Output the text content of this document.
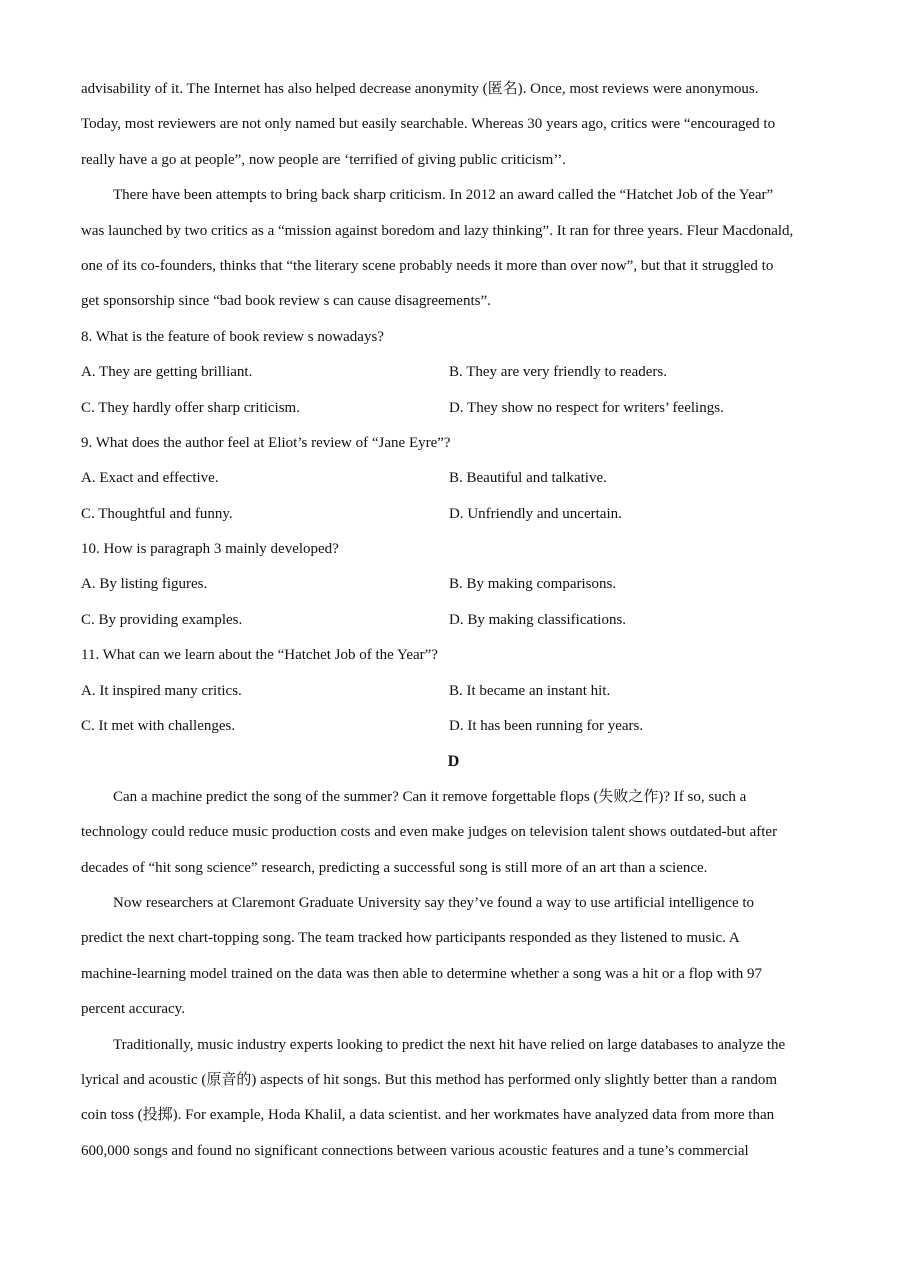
advisability of it. The Internet has also helped decrease anonymity (匿名). Once, most reviews were anonymous.
Today, most reviewers are not only named but easily searchable. Whereas 30 years ago, critics were “encouraged to
really have a go at people”, now people are ‘terrified of giving public criticism’’.
There have been attempts to bring back sharp criticism. In 2012 an award called the “Hatchet Job of the Year”
was launched by two critics as a “mission against boredom and lazy thinking”. It ran for three years. Fleur Macdonald,
one of its co-founders, thinks that “the literary scene probably needs it more than over now”, but that it struggled to
get sponsorship since “bad book review s can cause disagreements”.
8. What is the feature of book review s nowadays?
A. They are getting brilliant.	B. They are very friendly to readers.
C. They hardly offer sharp criticism.	D. They show no respect for writers’ feelings.
9. What does the author feel at Eliot’s review of “Jane Eyre”?
A. Exact and effective.	B. Beautiful and talkative.
C. Thoughtful and funny.	D. Unfriendly and uncertain.
10. How is paragraph 3 mainly developed?
A. By listing figures.	B. By making comparisons.
C. By providing examples.	D. By making classifications.
11. What can we learn about the “Hatchet Job of the Year”?
A. It inspired many critics.	B. It became an instant hit.
C. It met with challenges.	D. It has been running for years.
D
Can a machine predict the song of the summer? Can it remove forgettable flops (失败之作)? If so, such a
technology could reduce music production costs and even make judges on television talent shows outdated-but after
decades of “hit song science” research, predicting a successful song is still more of an art than a science.
Now researchers at Claremont Graduate University say they’ve found a way to use artificial intelligence to
predict the next chart-topping song. The team tracked how participants responded as they listened to music. A
machine-learning model trained on the data was then able to determine whether a song was a hit or a flop with 97
percent accuracy.
Traditionally, music industry experts looking to predict the next hit have relied on large databases to analyze the
lyrical and acoustic (原音的) aspects of hit songs. But this method has performed only slightly better than a random
coin toss (投掷). For example, Hoda Khalil, a data scientist. and her workmates have analyzed data from more than
600,000 songs and found no significant connections between various acoustic features and a tune’s commercial
